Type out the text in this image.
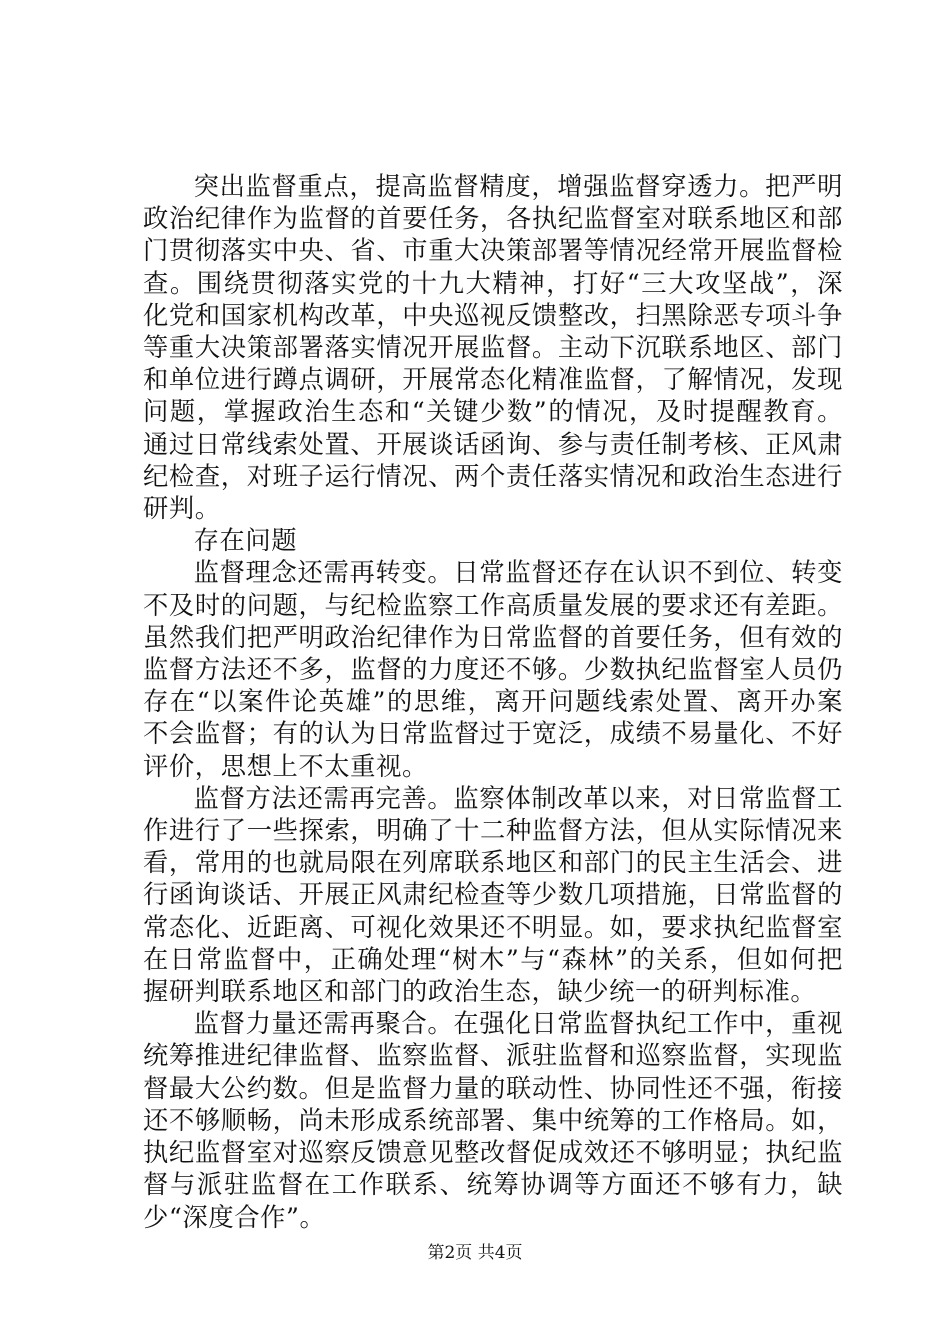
突出监督重点，提高监督精度，增强监督穿透力。把严明政治纪律作为监督的首要任务，各执纪监督室对联系地区和部门贯彻落实中央、省、市重大决策部署等情况经常开展监督检查。围绕贯彻落实党的十九大精神，打好“三大攻坚战”，深化党和国家机构改革，中央巡视反馈整改，扫黑除恶专项斗争等重大决策部署落实情况开展监督。主动下沉联系地区、部门和单位进行蹲点调研，开展常态化精准监督，了解情况，发现问题，掌握政治生态和“关键少数”的情况，及时提醒教育。通过日常线索处置、开展谈话函询、参与责任制考核、正风肃纪检查，对班子运行情况、两个责任落实情况和政治生态进行研判。

存在问题

监督理念还需再转变。日常监督还存在认识不到位、转变不及时的问题，与纪检监察工作高质量发展的要求还有差距。虽然我们把严明政治纪律作为日常监督的首要任务，但有效的监督方法还不多，监督的力度还不够。少数执纪监督室人员仍存在“以案件论英雄”的思维，离开问题线索处置、离开办案不会监督；有的认为日常监督过于宽泛，成绩不易量化、不好评价，思想上不太重视。

监督方法还需再完善。监察体制改革以来，对日常监督工作进行了一些探索，明确了十二种监督方法，但从实际情况来看，常用的也就局限在列席联系地区和部门的民主生活会、进行函询谈话、开展正风肃纪检查等少数几项措施，日常监督的常态化、近距离、可视化效果还不明显。如，要求执纪监督室在日常监督中，正确处理“树木”与“森林”的关系，但如何把握研判联系地区和部门的政治生态，缺少统一的研判标准。

监督力量还需再聚合。在强化日常监督执纪工作中，重视统筹推进纪律监督、监察监督、派驻监督和巡察监督，实现监督最大公约数。但是监督力量的联动性、协同性还不强，衔接还不够顺畅，尚未形成系统部署、集中统筹的工作格局。如，执纪监督室对巡察反馈意见整改督促成效还不够明显；执纪监督与派驻监督在工作联系、统筹协调等方面还不够有力，缺少“深度合作”。

第2页 共4页
